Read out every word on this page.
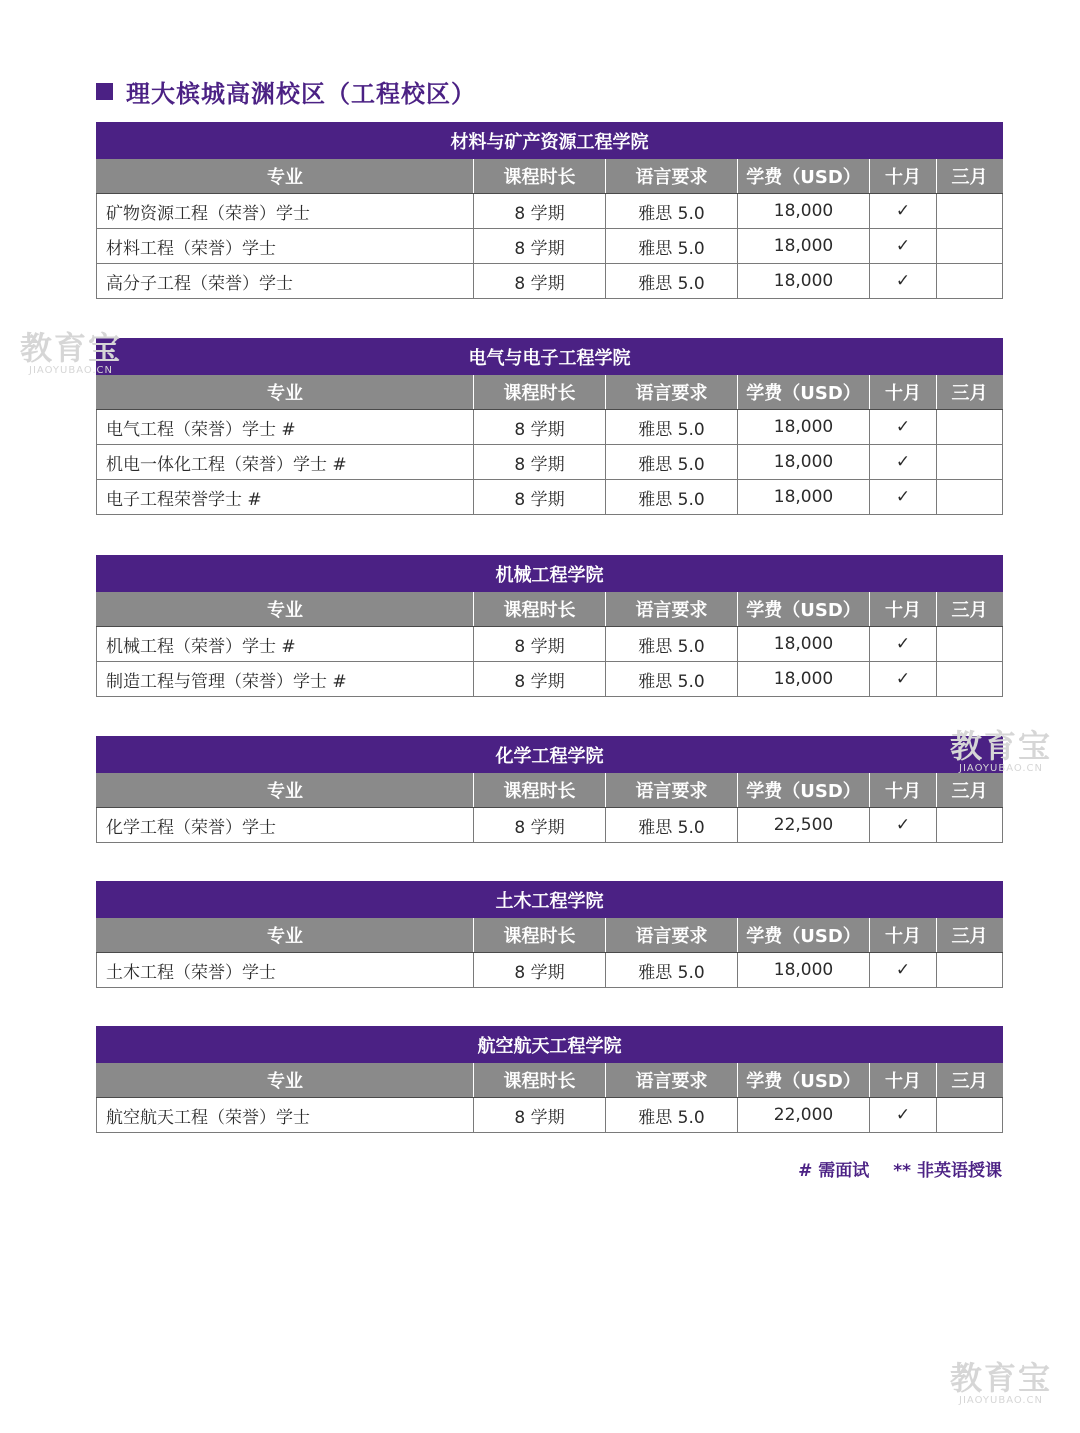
理大槟城高渊校区（工程校区）
材料与矿产资源工程学院					
专业	课程时长	语言要求	学费（USD）	十月	三月
矿物资源工程（荣誉）学士	8 学期	雅思 5.0	18,000	✓	
材料工程（荣誉）学士	8 学期	雅思 5.0	18,000	✓	
高分子工程（荣誉）学士	8 学期	雅思 5.0	18,000	✓	
电气与电子工程学院					
专业	课程时长	语言要求	学费（USD）	十月	三月
电气工程（荣誉）学士 #	8 学期	雅思 5.0	18,000	✓	
机电一体化工程（荣誉）学士 #	8 学期	雅思 5.0	18,000	✓	
电子工程荣誉学士 #	8 学期	雅思 5.0	18,000	✓	
机械工程学院					
专业	课程时长	语言要求	学费（USD）	十月	三月
机械工程（荣誉）学士 #	8 学期	雅思 5.0	18,000	✓	
制造工程与管理（荣誉）学士 #	8 学期	雅思 5.0	18,000	✓	
化学工程学院					
专业	课程时长	语言要求	学费（USD）	十月	三月
化学工程（荣誉）学士	8 学期	雅思 5.0	22,500	✓	
土木工程学院					
专业	课程时长	语言要求	学费（USD）	十月	三月
土木工程（荣誉）学士	8 学期	雅思 5.0	18,000	✓	
航空航天工程学院					
专业	课程时长	语言要求	学费（USD）	十月	三月
航空航天工程（荣誉）学士	8 学期	雅思 5.0	22,000	✓	
# 需面试 ** 非英语授课
教育宝
JIAOYUBAO.CN
教育宝
JIAOYUBAO.CN
教育宝
JIAOYUBAO.CN
